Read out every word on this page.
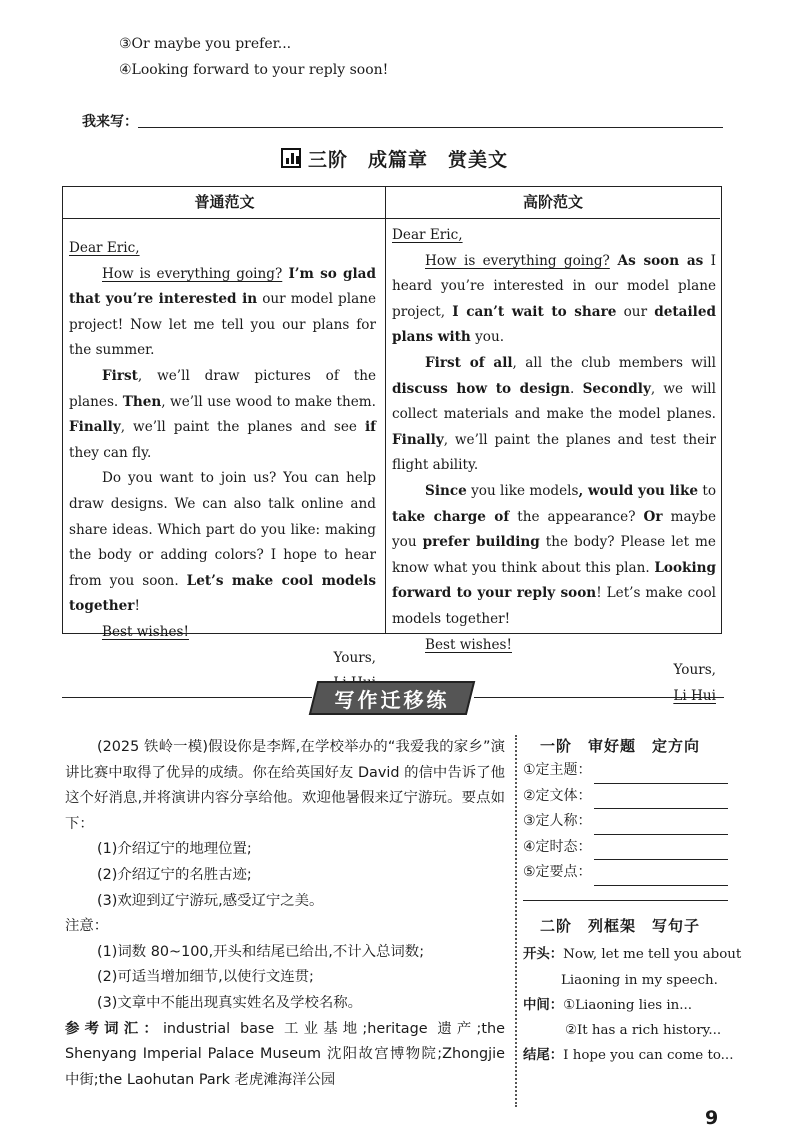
③Or maybe you prefer...
④Looking forward to your reply soon!
我来写：
三阶　成篇章　赏美文
普通范文	高阶范文

Dear Eric,

How is everything going? I’m so glad that you’re interested in our model plane project! Now let me tell you our plans for the summer.

First, we’ll draw pictures of the planes. Then, we’ll use wood to make them. Finally, we’ll paint the planes and see if they can fly.

Do you want to join us? You can help draw designs. We can also talk online and share ideas. Which part do you like: making the body or adding colors? I hope to hear from you soon. Let’s make cool models together!

Best wishes!

Yours,

Dear Eric,

How is everything going? As soon as I heard you’re interested in our model plane project, I can’t wait to share our detailed plans with you.

First of all, all the club members will discuss how to design. Secondly, we will collect materials and make the model planes. Finally, we’ll paint the planes and test their flight ability.

Since you like models, would you like to take charge of the appearance? Or maybe you prefer building the body? Please let me know what you think about this plan. Looking forward to your reply soon! Let’s make cool models together!

Best wishes!

Yours,

Li Hui

写作迁移练

(2025 铁岭一模)假设你是李辉,在学校举办的“我爱我的家乡”演讲比赛中取得了优异的成绩。你在给英国好友 David 的信中告诉了他这个好消息,并将演讲内容分享给他。欢迎他暑假来辽宁游玩。要点如下：

(1)介绍辽宁的地理位置;

(2)介绍辽宁的名胜古迹;

(3)欢迎到辽宁游玩,感受辽宁之美。

注意：

(1)词数 80~100,开头和结尾已给出,不计入总词数;

(2)可适当增加细节,以使行文连贯;

(3)文章中不能出现真实姓名及学校名称。

参考词汇：industrial base 工业基地;heritage 遗产;the Shenyang Imperial Palace Museum 沈阳故宫博物院;Zhongjie 中街;the Laohutan Park 老虎滩海洋公园

一阶　审好题　定方向
①定主题：
②定文体：
③定人称：
④定时态：
⑤定要点：
二阶　列框架　写句子
开头：Now, let me tell you about
Liaoning in my speech.
中间：①Liaoning lies in...
②It has a rich history...
结尾：I hope you can come to...
9
